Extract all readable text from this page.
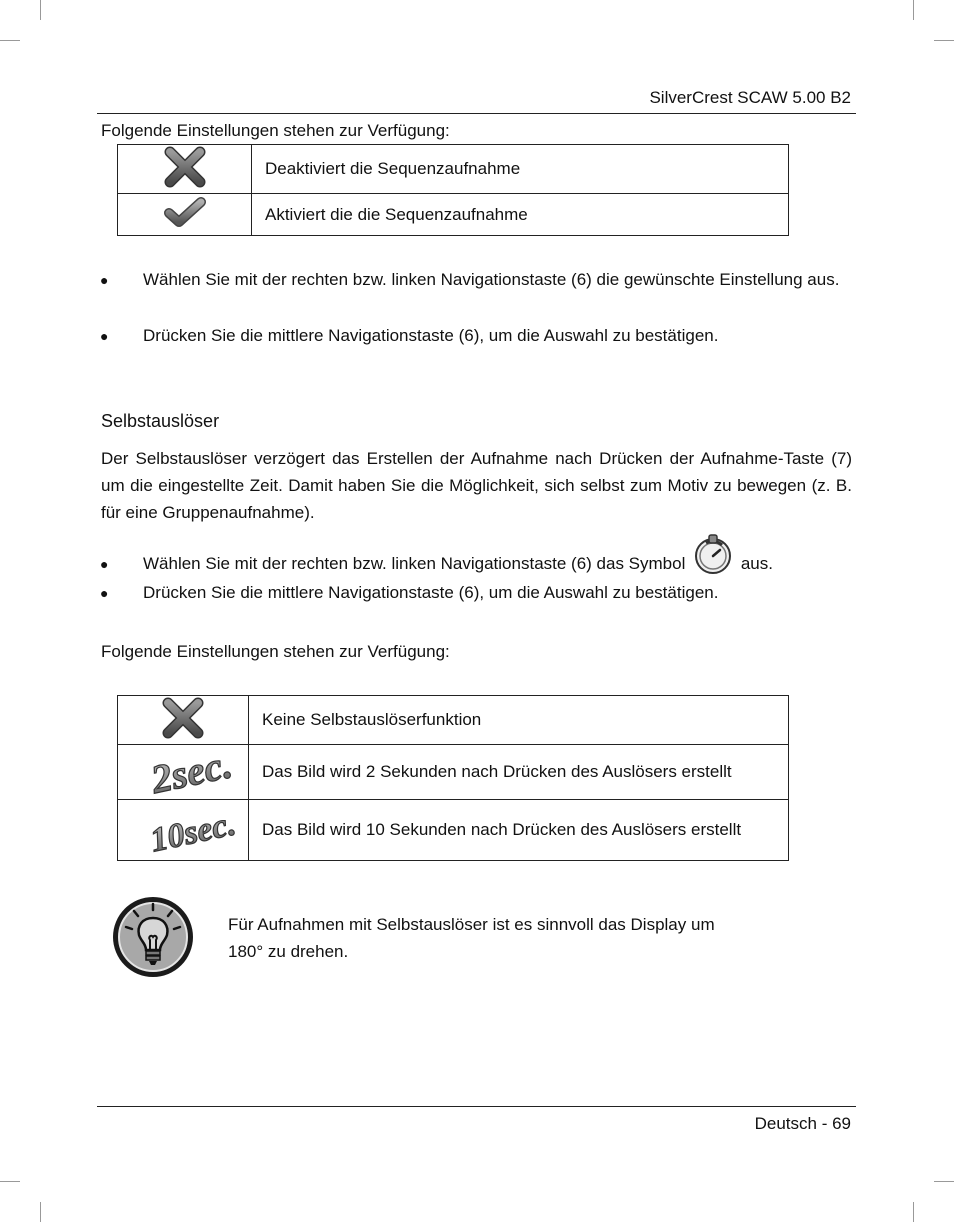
SilverCrest SCAW 5.00 B2
Folgende Einstellungen stehen zur Verfügung:
	Deaktiviert die Sequenzaufnahme
	Aktiviert die die Sequenzaufnahme
● Wählen Sie mit der rechten bzw. linken Navigationstaste (6) die gewünschte Einstellung aus.
● Drücken Sie die mittlere Navigationstaste (6), um die Auswahl zu bestätigen.
Selbstauslöser
Der Selbstauslöser verzögert das Erstellen der Aufnahme nach Drücken der Aufnahme-Taste (7) um die eingestellte Zeit. Damit haben Sie die Möglichkeit, sich selbst zum Motiv zu bewegen (z. B. für eine Gruppenaufnahme).
● Wählen Sie mit der rechten bzw. linken Navigationstaste (6) das Symbol	aus.
● Drücken Sie die mittlere Navigationstaste (6), um die Auswahl zu bestätigen.
Folgende Einstellungen stehen zur Verfügung:
	Keine Selbstauslöserfunktion

2sec.	Das Bild wird 2 Sekunden nach Drücken des Auslösers erstellt

10sec.	Das Bild wird 10 Sekunden nach Drücken des Auslösers erstellt
Für Aufnahmen mit Selbstauslöser ist es sinnvoll das Display um
180° zu drehen.
Deutsch - 69
